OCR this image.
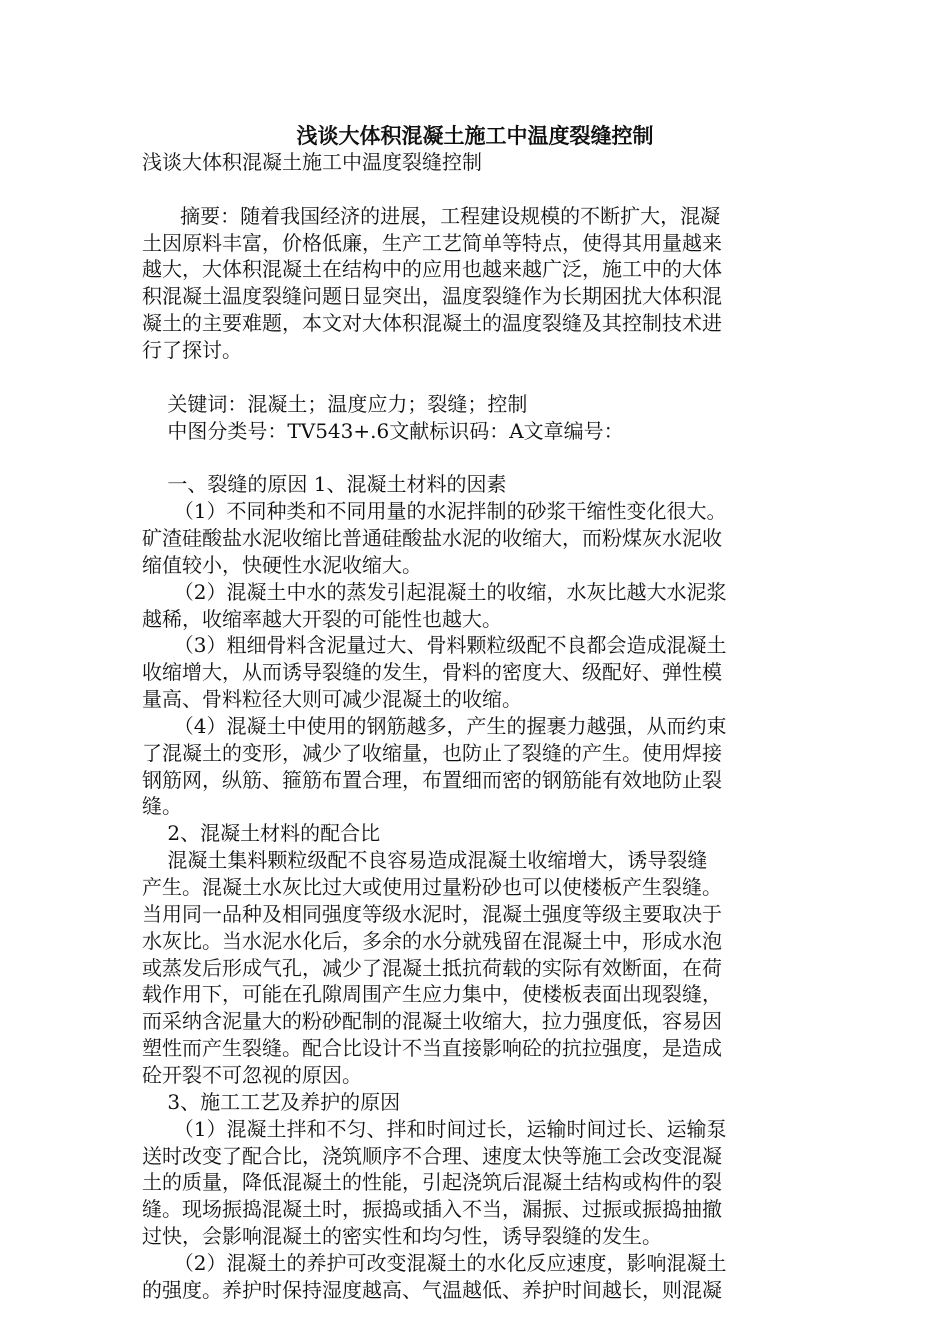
浅谈大体积混凝土施工中温度裂缝控制
浅谈大体积混凝土施工中温度裂缝控制
摘要：随着我国经济的进展，工程建设规模的不断扩大，混凝
土因原料丰富，价格低廉，生产工艺简单等特点，使得其用量越来
越大，大体积混凝土在结构中的应用也越来越广泛，施工中的大体
积混凝土温度裂缝问题日显突出，温度裂缝作为长期困扰大体积混
凝土的主要难题，本文对大体积混凝土的温度裂缝及其控制技术进
行了探讨。
关键词：混凝土；温度应力；裂缝；控制
中图分类号：TV543+.6文献标识码：A文章编号：
一、裂缝的原因 1、混凝土材料的因素
（1）不同种类和不同用量的水泥拌制的砂浆干缩性变化很大。
矿渣硅酸盐水泥收缩比普通硅酸盐水泥的收缩大，而粉煤灰水泥收
缩值较小，快硬性水泥收缩大。
（2）混凝土中水的蒸发引起混凝土的收缩，水灰比越大水泥浆
越稀，收缩率越大开裂的可能性也越大。
（3）粗细骨料含泥量过大、骨料颗粒级配不良都会造成混凝土
收缩增大，从而诱导裂缝的发生，骨料的密度大、级配好、弹性模
量高、骨料粒径大则可减少混凝土的收缩。
（4）混凝土中使用的钢筋越多，产生的握裹力越强，从而约束
了混凝土的变形，减少了收缩量，也防止了裂缝的产生。使用焊接
钢筋网，纵筋、箍筋布置合理，布置细而密的钢筋能有效地防止裂
缝。
2、混凝土材料的配合比
混凝土集料颗粒级配不良容易造成混凝土收缩增大，诱导裂缝
产生。混凝土水灰比过大或使用过量粉砂也可以使楼板产生裂缝。
当用同一品种及相同强度等级水泥时，混凝土强度等级主要取决于
水灰比。当水泥水化后，多余的水分就残留在混凝土中，形成水泡
或蒸发后形成气孔，减少了混凝土抵抗荷载的实际有效断面，在荷
载作用下，可能在孔隙周围产生应力集中，使楼板表面出现裂缝，
而采纳含泥量大的粉砂配制的混凝土收缩大，拉力强度低，容易因
塑性而产生裂缝。配合比设计不当直接影响砼的抗拉强度，是造成
砼开裂不可忽视的原因。
3、施工工艺及养护的原因
（1）混凝土拌和不匀、拌和时间过长，运输时间过长、运输泵
送时改变了配合比，浇筑顺序不合理、速度太快等施工会改变混凝
土的质量，降低混凝土的性能，引起浇筑后混凝土结构或构件的裂
缝。现场振捣混凝土时，振捣或插入不当，漏振、过振或振捣抽撤
过快，会影响混凝土的密实性和均匀性，诱导裂缝的发生。
（2）混凝土的养护可改变混凝土的水化反应速度，影响混凝土
的强度。养护时保持湿度越高、气温越低、养护时间越长，则混凝
